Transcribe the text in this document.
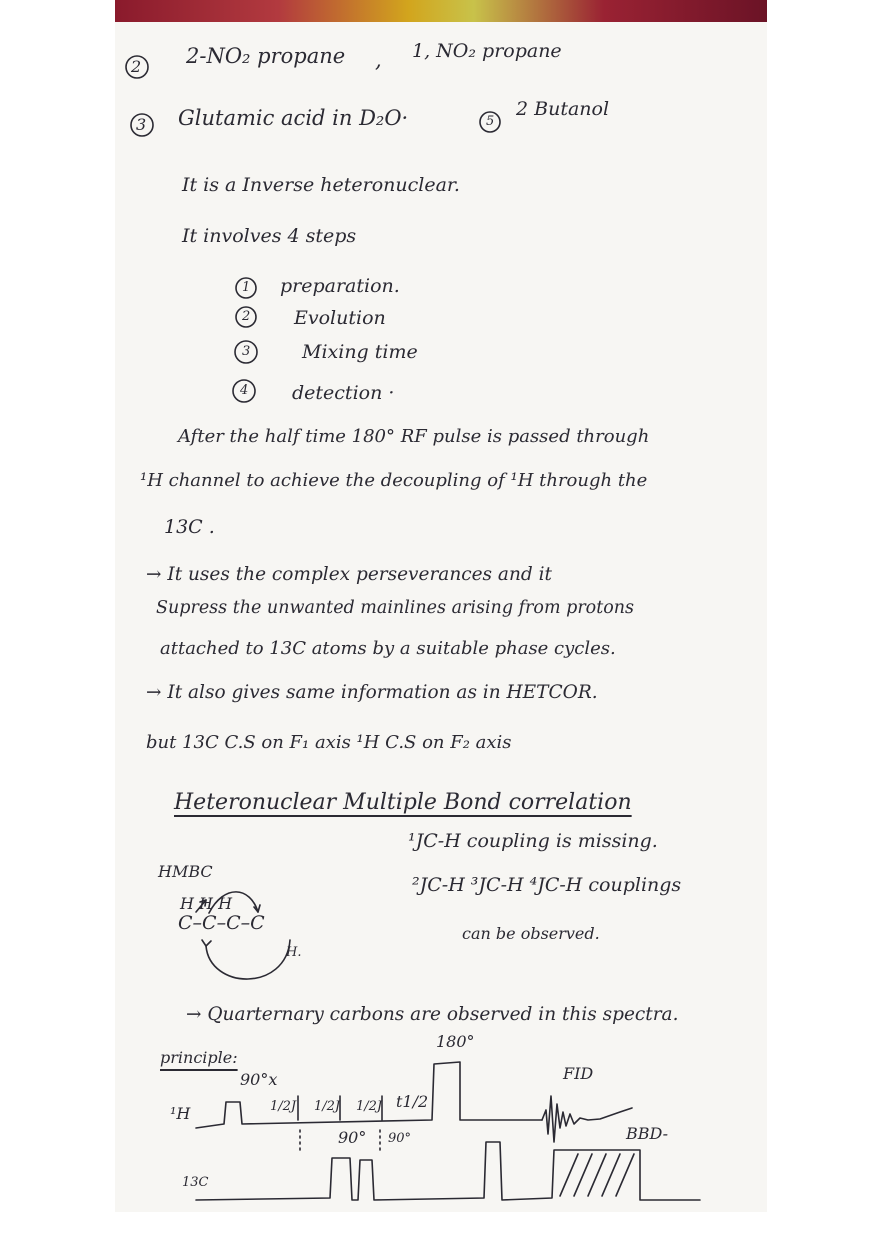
2 2-NO₂ propane , 1, NO₂ propane
3 Glutamic acid in D₂O·	5
2 Butanol
It is a Inverse heteronuclear.
It involves 4 steps
1 preparation.
2 Evolution
3	Mixing time
4 detection ·
After the half time 180° RF pulse is passed through
¹H channel to achieve the decoupling of ¹H through the
13C .
→ It uses the complex perseverances and it
Supress the unwanted mainlines arising from protons
attached to 13C atoms by a suitable phase cycles.
→ It also gives same information as in HETCOR.
but 13C C.S on F₁ axis ¹H C.S on F₂ axis
Heteronuclear Multiple Bond correlation
HMBC
¹JC-H coupling is missing.
²JC-H ³JC-H ⁴JC-H couplings
can be observed.
H H H
C–C–C–C
H.
→ Quarternary carbons are observed in this spectra.
principle:
90°x
180°
1/2J 1/2J 1/2J t1/2
90° 90°
FID
BBD-
¹H
13C
